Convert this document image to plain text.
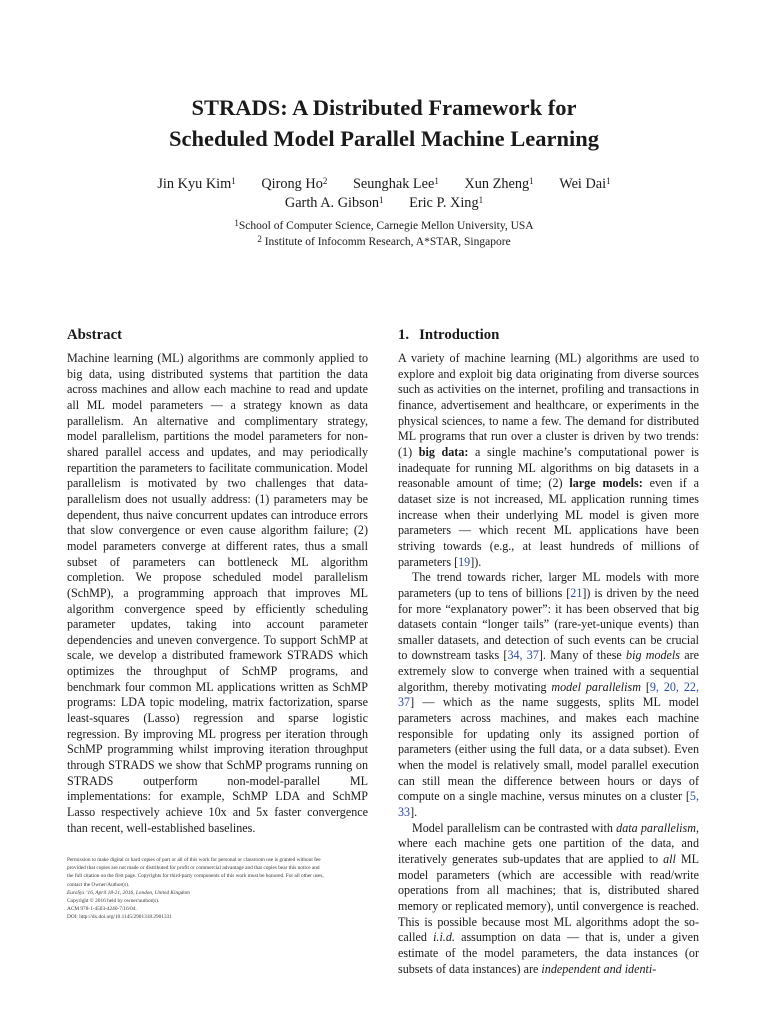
STRADS: A Distributed Framework for
Scheduled Model Parallel Machine Learning
Jin Kyu Kim$^1$ Qirong Ho$^2$ Seunghak Lee$^1$ Xun Zheng$^1$ Wei Dai$^1$
Garth A. Gibson$^1$ Eric P. Xing$^1$
$^1$School of Computer Science, Carnegie Mellon University, USA
$^2$ Institute of Infocomm Research, A*STAR, Singapore
Abstract

Machine learning (ML) algorithms are commonly applied to big data, using distributed systems that partition the data across machines and allow each machine to read and update all ML model parameters — a strategy known as data parallelism. An alternative and complimentary strategy, model parallelism, partitions the model parameters for non-shared parallel access and updates, and may periodically repartition the parameters to facilitate communication. Model parallelism is motivated by two challenges that data-parallelism does not usually address: (1) parameters may be dependent, thus naive concurrent updates can introduce errors that slow convergence or even cause algorithm failure; (2) model parameters converge at different rates, thus a small subset of parameters can bottleneck ML algorithm completion. We propose scheduled model parallelism (SchMP), a programming approach that improves ML algorithm convergence speed by efficiently scheduling parameter updates, taking into account parameter dependencies and uneven convergence. To support SchMP at scale, we develop a distributed framework STRADS which optimizes the throughput of SchMP programs, and benchmark four common ML applications written as SchMP programs: LDA topic modeling, matrix factorization, sparse least-squares (Lasso) regression and sparse logistic regression. By improving ML progress per iteration through SchMP programming whilst improving iteration throughput through STRADS we show that SchMP programs running on STRADS outperform non-model-parallel ML implementations: for example, SchMP LDA and SchMP Lasso respectively achieve 10x and 5x faster convergence than recent, well-established baselines.

1. Introduction

A variety of machine learning (ML) algorithms are used to explore and exploit big data originating from diverse sources such as activities on the internet, profiling and transactions in finance, advertisement and healthcare, or experiments in the physical sciences, to name a few. The demand for distributed ML programs that run over a cluster is driven by two trends: (1) big data: a single machine’s computational power is inadequate for running ML algorithms on big datasets in a reasonable amount of time; (2) large models: even if a dataset size is not increased, ML application running times increase when their underlying ML model is given more parameters — which recent ML applications have been striving towards (e.g., at least hundreds of millions of parameters [19]).

The trend towards richer, larger ML models with more parameters (up to tens of billions [21]) is driven by the need for more “explanatory power”: it has been observed that big datasets contain “longer tails” (rare-yet-unique events) than smaller datasets, and detection of such events can be crucial to downstream tasks [34, 37]. Many of these big models are extremely slow to converge when trained with a sequential algorithm, thereby motivating model parallelism [9, 20, 22, 37] — which as the name suggests, splits ML model parameters across machines, and makes each machine responsible for updating only its assigned portion of parameters (either using the full data, or a data subset). Even when the model is relatively small, model parallel execution can still mean the difference between hours or days of compute on a single machine, versus minutes on a cluster [5, 33].

Model parallelism can be contrasted with data parallelism, where each machine gets one partition of the data, and iteratively generates sub-updates that are applied to all ML model parameters (which are accessible with read/write operations from all machines; that is, distributed shared memory or replicated memory), until convergence is reached. This is possible because most ML algorithms adopt the so-called i.i.d. assumption on data — that is, under a given estimate of the model parameters, the data instances (or subsets of data instances) are independent and identi-

Permission to make digital or hard copies of part or all of this work for personal or classroom use is granted without fee
provided that copies are not made or distributed for profit or commercial advantage and that copies bear this notice and
the full citation on the first page. Copyrights for third-party components of this work must be honored. For all other uses,
contact the Owner/Author(s).
EuroSys ’16, April 18-21, 2016, London, United Kingdom
Copyright © 2016 held by owner/author(s).
ACM 978-1-4503-4240-7/16/04.
DOI: http://dx.doi.org/10.1145/2901318.2901331
